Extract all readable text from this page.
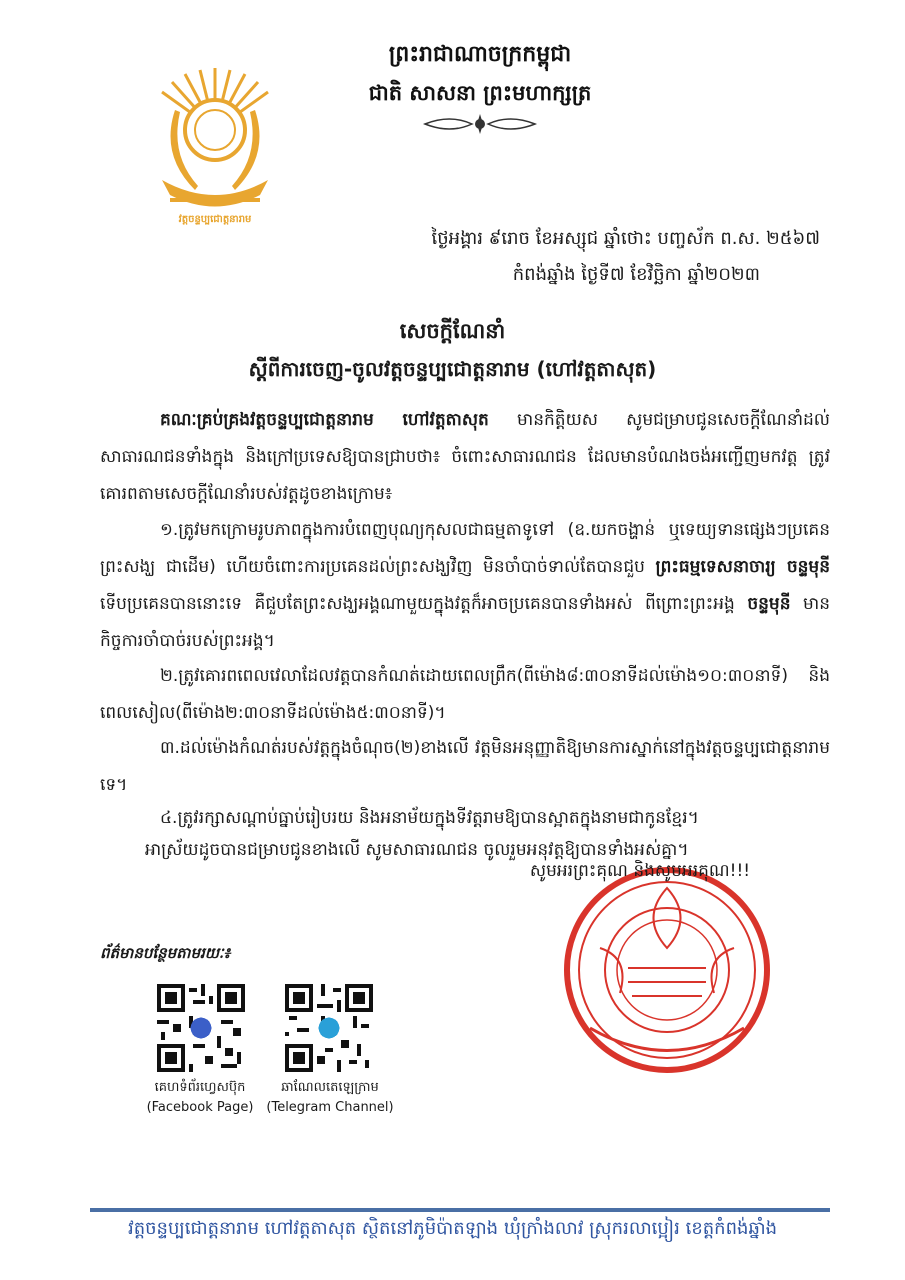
វត្តចន្ទប្បជោត្តនារាម
ព្រះរាជាណាចក្រកម្ពុជា
ជាតិ សាសនា ព្រះមហាក្សត្រ
ថ្ងៃអង្គារ ៩រោច ខែអស្សុជ ឆ្នាំថោះ បញ្ចស័ក ព.ស. ២៥៦៧
កំពង់ឆ្នាំង ថ្ងៃទី៧ ខែវិច្ឆិកា ឆ្នាំ២០២៣
សេចក្ដីណែនាំ
ស្ដីពីការចេញ-ចូលវត្តចន្ទប្បជោត្តនារាម (ហៅវត្តតាសុត)
គណៈគ្រប់គ្រងវត្តចន្ទប្បជោត្តនារាម ហៅវត្តតាសុត មានកិត្តិយស សូមជម្រាបជូនសេចក្ដីណែនាំដល់សាធារណជនទាំងក្នុង និងក្រៅប្រទេសឱ្យបានជ្រាបថា៖ ចំពោះសាធារណជន ដែលមានបំណងចង់អញ្ជើញមកវត្ត ត្រូវគោរពតាមសេចក្ដីណែនាំរបស់វត្តដូចខាងក្រោម៖
១.ត្រូវមកក្រោមរូបភាពក្នុងការបំពេញបុណ្យកុសលជាធម្មតាទូទៅ (ឧ.យកចង្ហាន់ ឬទេយ្យទានផ្សេងៗប្រគេនព្រះសង្ឃ ជាដើម) ហើយចំពោះការប្រគេនដល់ព្រះសង្ឃវិញ មិនចាំបាច់ទាល់តែបានជួប ព្រះធម្មទេសនាចារ្យ ចន្ទមុនី ទើបប្រគេនបាននោះទេ គឺជួបតែព្រះសង្ឃអង្គណាមួយក្នុងវត្តក៏អាចប្រគេនបានទាំងអស់ ពីព្រោះព្រះអង្គ ចន្ទមុនី មានកិច្ចការចាំបាច់របស់ព្រះអង្គ។
២.ត្រូវគោរពពេលវេលាដែលវត្តបានកំណត់ដោយពេលព្រឹក(ពីម៉ោង៨:៣០នាទីដល់ម៉ោង១០:៣០នាទី) និងពេលសៀល(ពីម៉ោង២:៣០នាទីដល់ម៉ោង៥:៣០នាទី)។
៣.ដល់ម៉ោងកំណត់របស់វត្តក្នុងចំណុច(២)ខាងលើ វត្តមិនអនុញ្ញាតិឱ្យមានការស្នាក់នៅក្នុងវត្តចន្ទប្បជោត្តនារាមទេ។
៤.ត្រូវរក្សាសណ្ដាប់ធ្នាប់រៀបរយ និងអនាម័យក្នុងទីវត្តរាមឱ្យបានស្អាតក្នុងនាមជាកូនខ្មែរ។
អាស្រ័យដូចបានជម្រាបជូនខាងលើ សូមសាធារណជន ចូលរួមអនុវត្តឱ្យបានទាំងអស់គ្នា។
សូមអរព្រះគុណ និងសូមអរគុណ!!!
ព័ត៌មានបន្ថែមតាមរយៈ៖
គេហទំព័រហ្វេសប៊ុក
(Facebook Page)
ឆាណែលតេឡេក្រាម
(Telegram Channel)
វត្តចន្ទប្បជោត្តនារាម ហៅវត្តតាសុត ស្ថិតនៅភូមិប៉ាតឡាង ឃុំក្រាំងលាវ ស្រុករលាប្អៀរ ខេត្តកំពង់ឆ្នាំង
